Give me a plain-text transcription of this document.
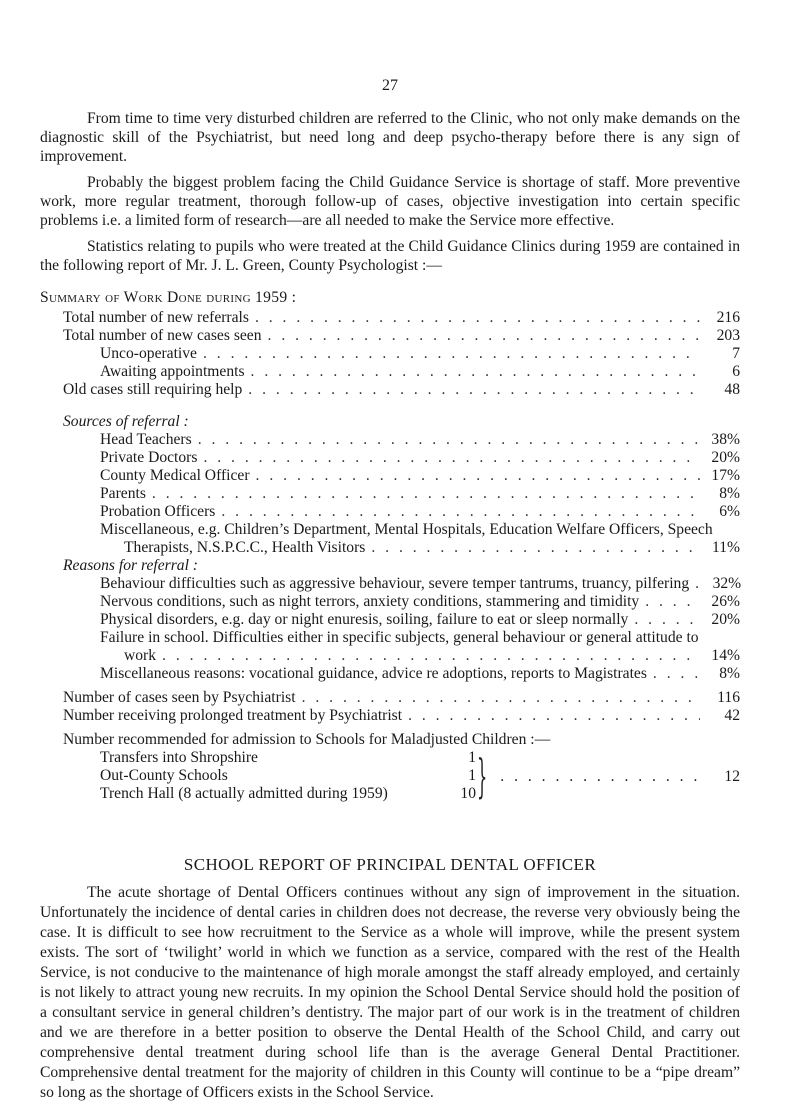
27

From time to time very disturbed children are referred to the Clinic, who not only make demands on the diagnostic skill of the Psychiatrist, but need long and deep psycho-therapy before there is any sign of improvement.

Probably the biggest problem facing the Child Guidance Service is shortage of staff. More preventive work, more regular treatment, thorough follow-up of cases, objective investigation into certain specific problems i.e. a limited form of research—are all needed to make the Service more effective.

Statistics relating to pupils who were treated at the Child Guidance Clinics during 1959 are contained in the following report of Mr. J. L. Green, County Psychologist :—

Summary of Work Done during 1959 :
Total number of new referrals . . .	216
Total number of new cases seen . . .	203
Unco-operative . . .	7
Awaiting appointments . . .	6
Old cases still requiring help . . .	48
Sources of referral :
Head Teachers . . .	38%
Private Doctors . . .	20%
County Medical Officer . . .	17%
Parents . . .	8%
Probation Officers . . .	6%
Miscellaneous, e.g. Children’s Department, Mental Hospitals, Education Welfare Officers, Speech
Therapists, N.S.P.C.C., Health Visitors . . .	11%
Reasons for referral :
Behaviour difficulties such as aggressive behaviour, severe temper tantrums, truancy, pilfering . . .	32%
Nervous conditions, such as night terrors, anxiety conditions, stammering and timidity . . .	26%
Physical disorders, e.g. day or night enuresis, soiling, failure to eat or sleep normally . . .	20%
Failure in school. Difficulties either in specific subjects, general behaviour or general attitude to
work . . .	14%
Miscellaneous reasons: vocational guidance, advice re adoptions, reports to Magistrates . . .	8%
Number of cases seen by Psychiatrist . . .	116
Number receiving prolonged treatment by Psychiatrist . . .	42
Number recommended for admission to Schools for Maladjusted Children :—
Transfers into Shropshire	1
Out-County Schools	1
Trench Hall (8 actually admitted during 1959)	10 } . . .	12
SCHOOL REPORT OF PRINCIPAL DENTAL OFFICER

The acute shortage of Dental Officers continues without any sign of improvement in the situation. Unfortunately the incidence of dental caries in children does not decrease, the reverse very obviously being the case. It is difficult to see how recruitment to the Service as a whole will improve, while the present system exists. The sort of ‘twilight’ world in which we function as a service, compared with the rest of the Health Service, is not conducive to the maintenance of high morale amongst the staff already employed, and certainly is not likely to attract young new recruits. In my opinion the School Dental Service should hold the position of a consultant service in general children’s dentistry. The major part of our work is in the treatment of children and we are therefore in a better position to observe the Dental Health of the School Child, and carry out comprehensive dental treatment during school life than is the average General Dental Practitioner. Comprehensive dental treatment for the majority of children in this County will continue to be a “pipe dream” so long as the shortage of Officers exists in the School Service.
